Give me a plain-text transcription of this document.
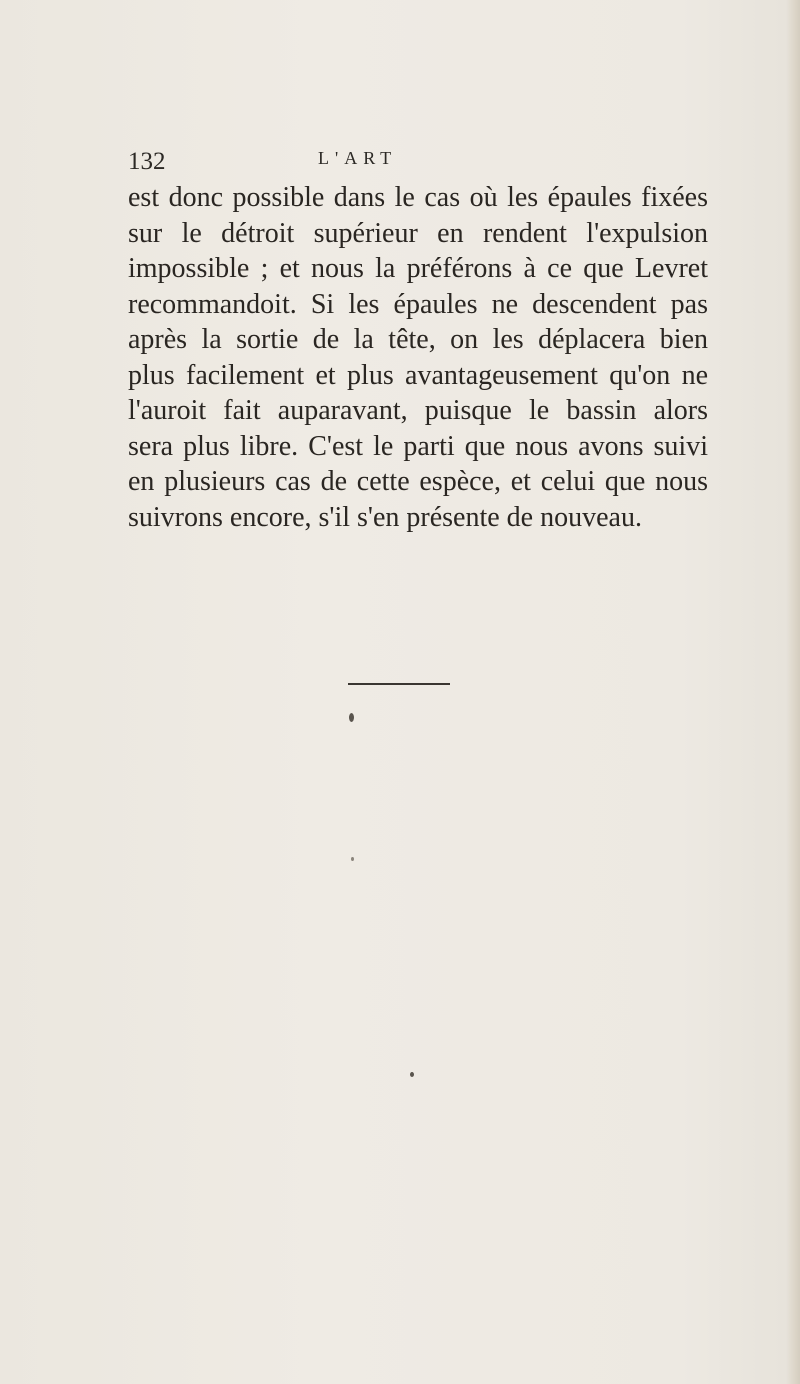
132	L'ART

est donc possible dans le cas où les épaules fixées
sur le détroit supérieur en rendent l'expulsion
impossible ; et nous la préférons à ce que Levret
recommandoit. Si les épaules ne descendent pas
après la sortie de la tête, on les déplacera bien
plus facilement et plus avantageusement qu'on ne
l'auroit fait auparavant, puisque le bassin alors
sera plus libre. C'est le parti que nous avons suivi
en plusieurs cas de cette espèce, et celui que nous
suivrons encore, s'il s'en présente de nouveau.
